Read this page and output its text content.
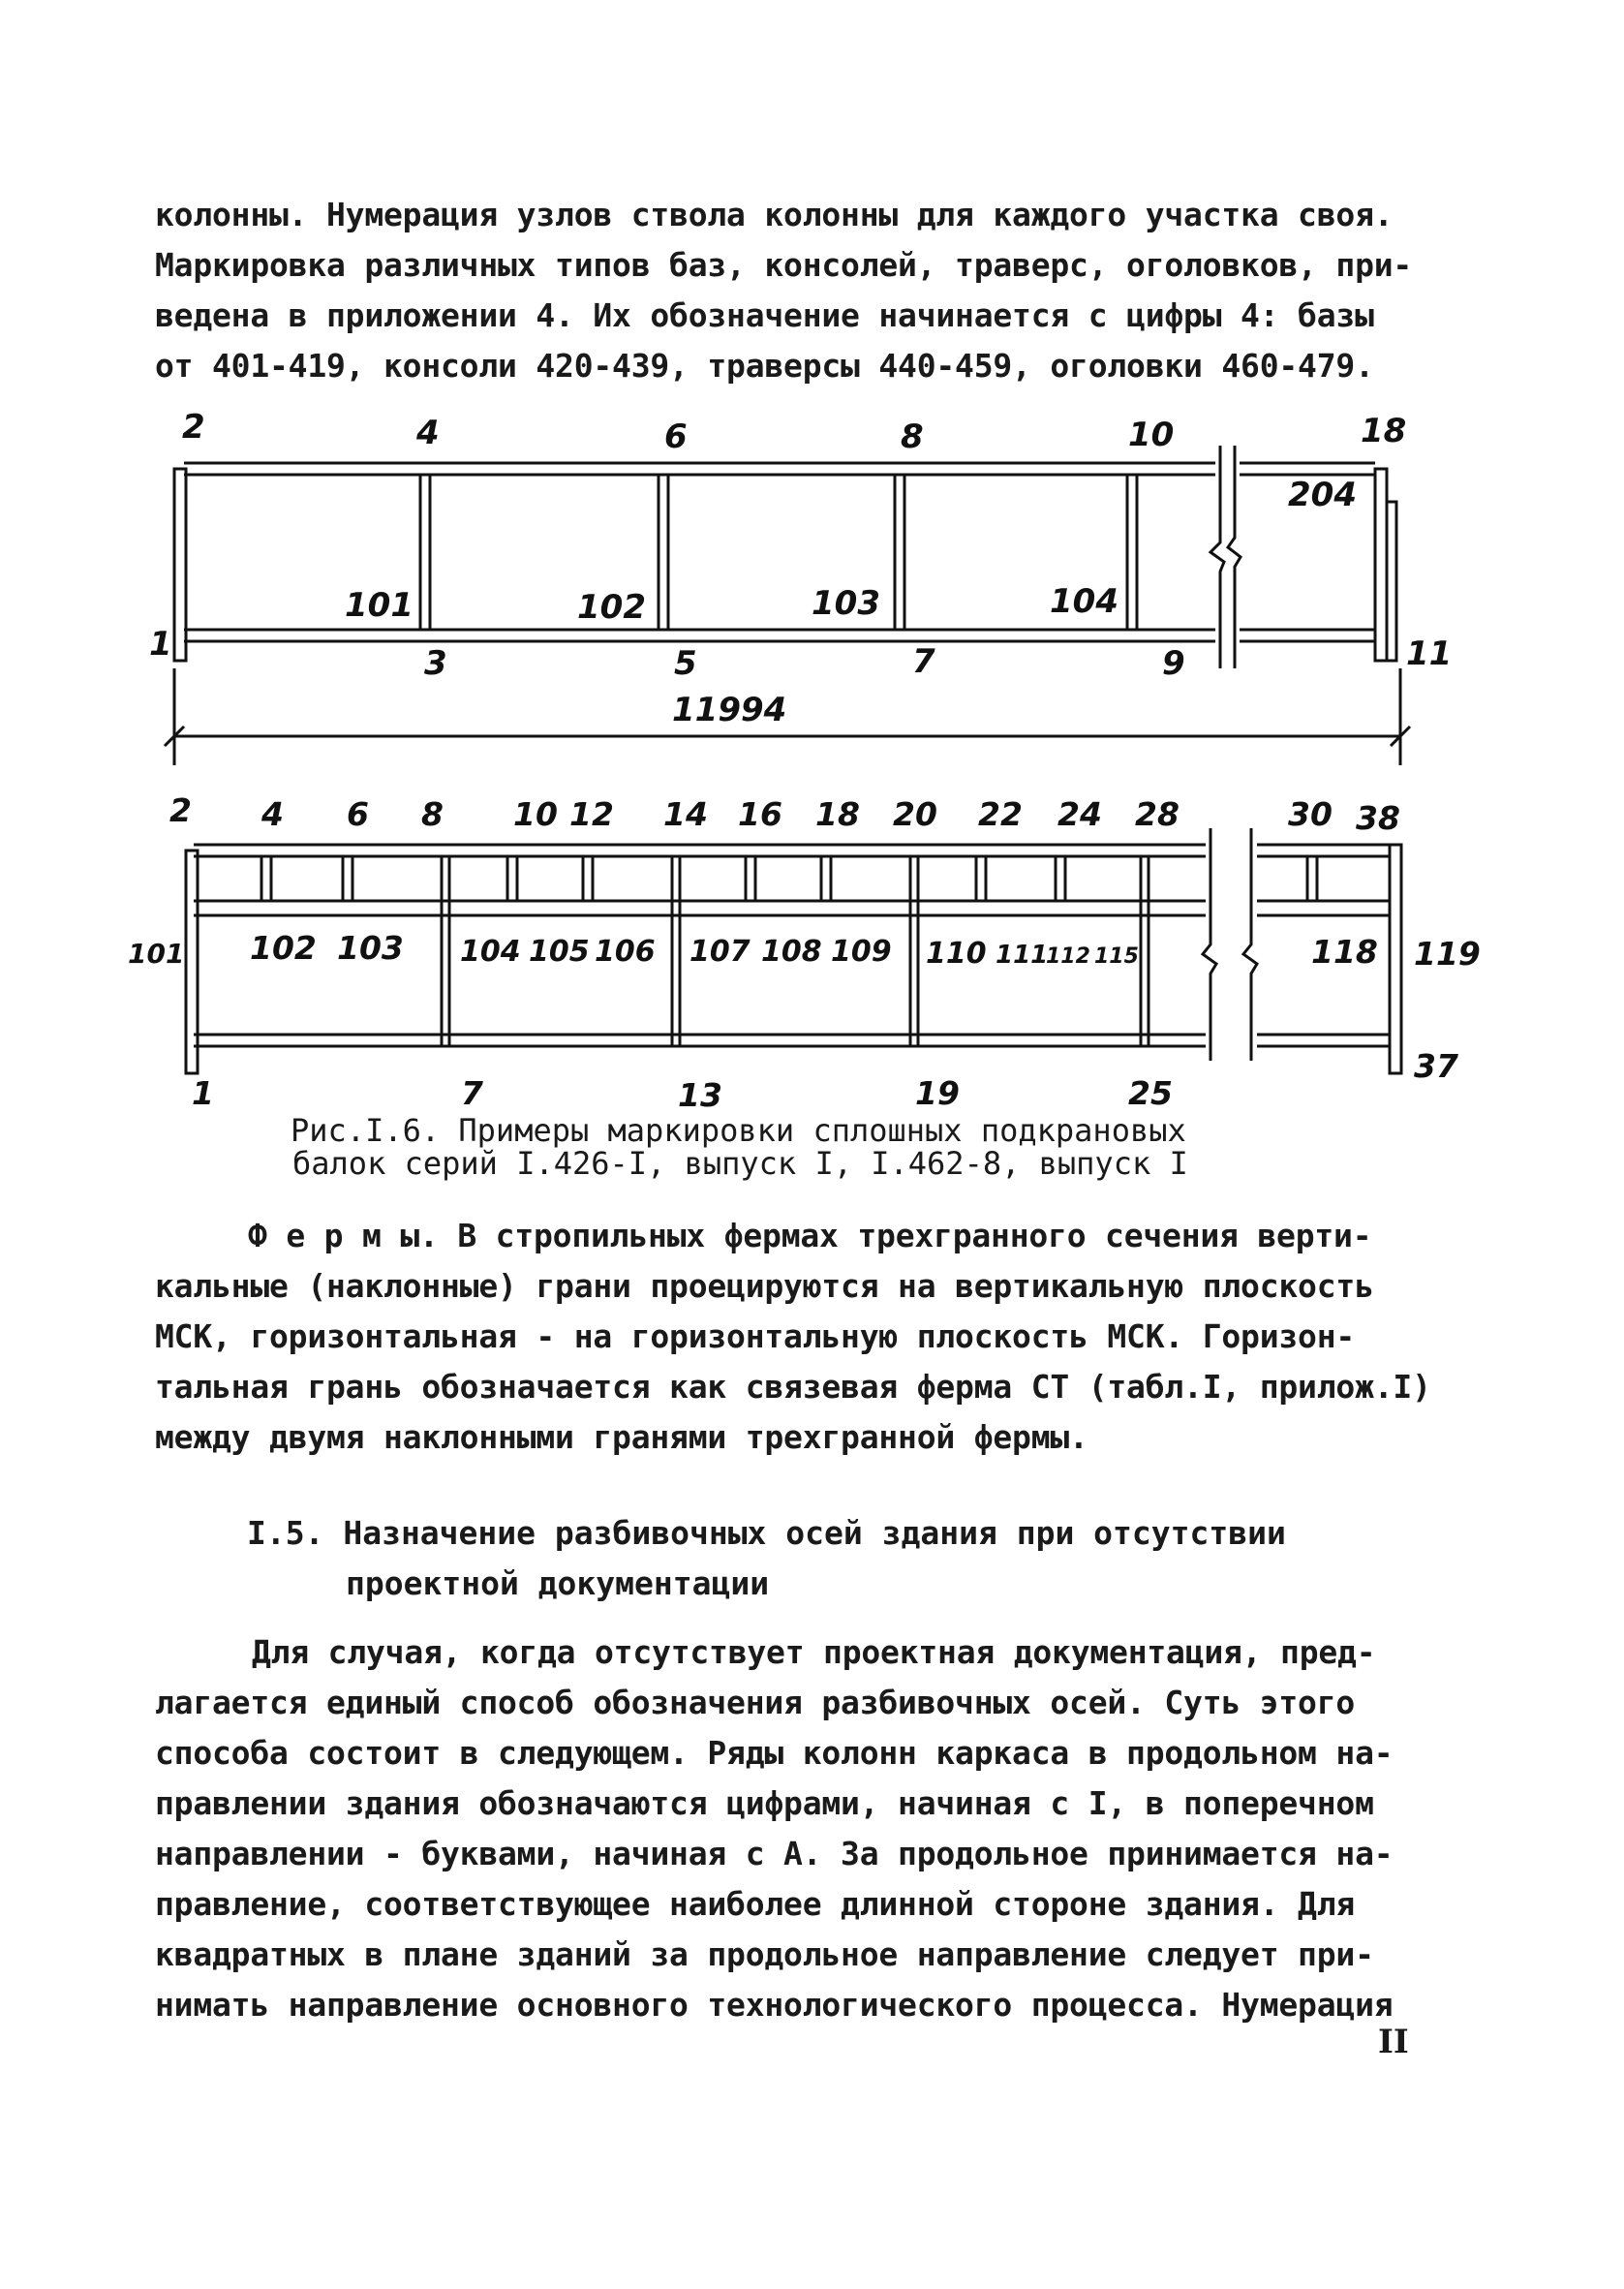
колонны. Нумерация узлов ствола колонны для каждого участка своя.
Маркировка различных типов баз, консолей, траверс, оголовков, при-
ведена в приложении 4. Их обозначение начинается с цифры 4: базы
от 401-419, консоли 420-439, траверсы 440-459, оголовки 460-479.
2	4	6	8	10	18
204
101	102	103	104
1	3	5	7	9	11
11994
2 4 6 8 10 12 14 16 18 20 22 24 28	30 38
101 102 103 104 105 106 107 108 109 110 111
112 115	118 119
1	7	13	19	25
37
Рис.I.6. Примеры маркировки сплошных подкрановых
балок серий I.426-I, выпуск I, I.462-8, выпуск I
Ф е р м ы. В стропильных фермах трехгранного сечения верти-
кальные (наклонные) грани проецируются на вертикальную плоскость
МСК, горизонтальная - на горизонтальную плоскость МСК. Горизон-
тальная грань обозначается как связевая ферма СТ (табл.I, прилож.I)
между двумя наклонными гранями трехгранной фермы.
I.5. Назначение разбивочных осей здания при отсутствии
проектной документации
Для случая, когда отсутствует проектная документация, пред-
лагается единый способ обозначения разбивочных осей. Суть этого
способа состоит в следующем. Ряды колонн каркаса в продольном на-
правлении здания обозначаются цифрами, начиная с I, в поперечном
направлении - буквами, начиная с А. За продольное принимается на-
правление, соответствующее наиболее длинной стороне здания. Для
квадратных в плане зданий за продольное направление следует при-
нимать направление основного технологического процесса. Нумерация
II
